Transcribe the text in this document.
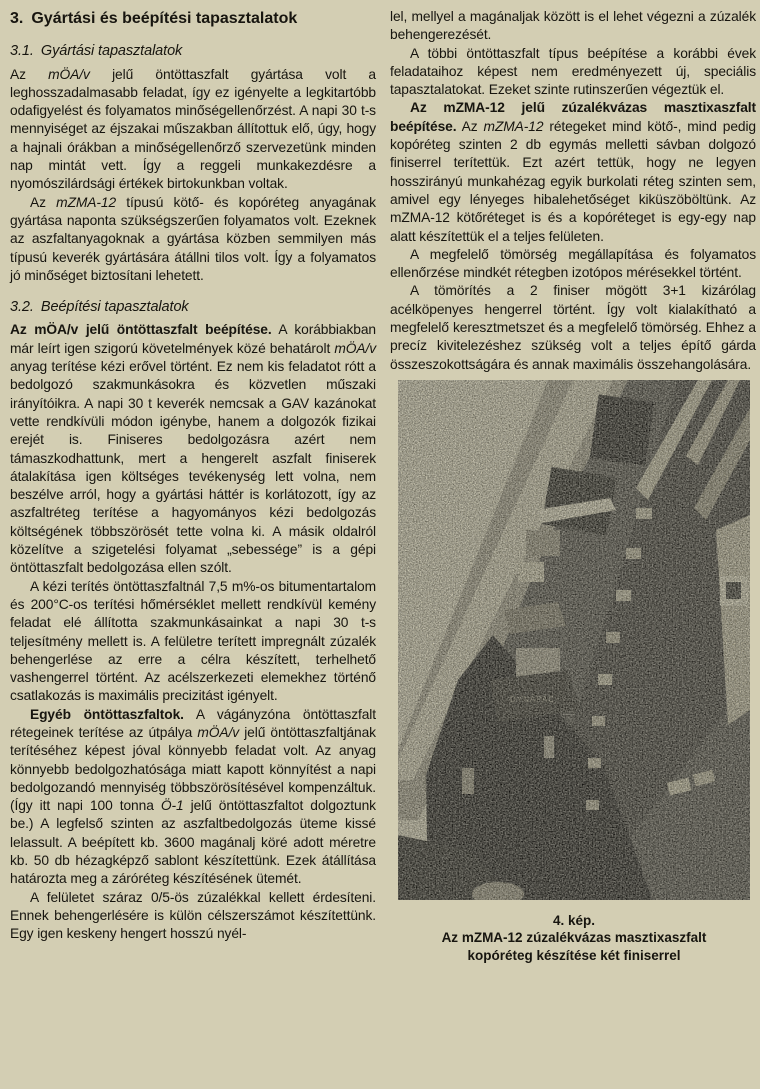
3. Gyártási és beépítési tapasztalatok
3.1. Gyártási tapasztalatok

Az mÖA/v jelű öntöttaszfalt gyártása volt a leghosszadalmasabb feladat, így ez igényelte a legkitartóbb odafigyelést és folyamatos minőségellenőrzést. A napi 30 t-s mennyiséget az éjszakai műszakban állítottuk elő, úgy, hogy a hajnali órákban a minőségellenőrző szervezetünk minden nap mintát vett. Így a reggeli munkakezdésre a nyomószilárdsági értékek birtokunkban voltak.

Az mZMA-12 típusú kötő- és kopóréteg anyagának gyártása naponta szükségszerűen folyamatos volt. Ezeknek az aszfaltanyagoknak a gyártása közben semmilyen más típusú keverék gyártására átállni tilos volt. Így a folyamatos jó minőséget biztosítani lehetett.

3.2. Beépítési tapasztalatok

Az mÖA/v jelű öntöttaszfalt beépítése. A korábbiakban már leírt igen szigorú követelmények közé behatárolt mÖA/v anyag terítése kézi erővel történt. Ez nem kis feladatot rótt a bedolgozó szakmunkásokra és közvetlen műszaki irányítóikra. A napi 30 t keverék nemcsak a GAV kazánokat vette rendkívüli módon igénybe, hanem a dolgozók fizikai erejét is. Finiseres bedolgozásra azért nem támaszkodhattunk, mert a hengerelt aszfalt finiserek átalakítása igen költséges tevékenység lett volna, nem beszélve arról, hogy a gyártási háttér is korlátozott, így az aszfaltréteg terítése a hagyományos kézi bedolgozás költségének többszörösét tette volna ki. A másik oldalról közelítve a szigetelési folyamat „sebessége” is a gépi öntöttaszfalt bedolgozása ellen szólt.

A kézi terítés öntöttaszfaltnál 7,5 m%-os bitumentartalom és 200°C-os terítési hőmérséklet mellett rendkívül kemény feladat elé állította szakmunkásainkat a napi 30 t-s teljesítmény mellett is. A felületre terített impregnált zúzalék behengerlése az erre a célra készített, terhelhető vashengerrel történt. Az acélszerkezeti elemekhez történő csatlakozás is maximális precizitást igényelt.

Egyéb öntöttaszfaltok. A vágányzóna öntöttaszfalt rétegeinek terítése az útpálya mÖA/v jelű öntöttaszfaltjának terítéséhez képest jóval könnyebb feladat volt. Az anyag könnyebb bedolgozhatósága miatt kapott könnyítést a napi bedolgozandó mennyiség többszörösítésével kompenzáltuk. (Így itt napi 100 tonna Ö-1 jelű öntöttaszfaltot dolgoztunk be.) A legfelső szinten az aszfaltbedolgozás üteme kissé lelassult. A beépített kb. 3600 magánalj köré adott méretre kb. 50 db hézagképző sablont készítettünk. Ezek átállítása határozta meg a záróréteg készítésének ütemét.

A felületet száraz 0/5-ös zúzalékkal kellett érdesíteni. Ennek behengerlésére is külön célszerszámot készítettünk. Egy igen keskeny hengert hosszú nyél-

lel, mellyel a magánaljak között is el lehet végezni a zúzalék behengerezését.

A többi öntöttaszfalt típus beépítése a korábbi évek feladataihoz képest nem eredményezett új, speciális tapasztalatokat. Ezeket szinte rutinszerűen végeztük el.

Az mZMA-12 jelű zúzalékvázas masztixaszfalt beépítése. Az mZMA-12 rétegeket mind kötő-, mind pedig kopóréteg szinten 2 db egymás melletti sávban dolgozó finiserrel terítettük. Ezt azért tettük, hogy ne legyen hosszirányú munkahézag egyik burkolati réteg szinten sem, amivel egy lényeges hibalehetőséget kiküszöböltünk. Az mZMA-12 kötőréteget is és a kopóréteget is egy-egy nap alatt készítettük el a teljes felületen.

A megfelelő tömörség megállapítása és folyamatos ellenőrzése mindkét rétegben izotópos mérésekkel történt.

A tömörítés a 2 finiser mögött 3+1 kizárólag acélköpenyes hengerrel történt. Így volt kialakítható a megfelelő keresztmetszet és a megfelelő tömörség. Ehhez a precíz kivitelezéshez szükség volt a teljes építő gárda összeszokottságára és annak maximális összehangolására.

4. kép.
Az mZMA-12 zúzalékvázas masztixaszfalt kopóréteg készítése két finiserrel
